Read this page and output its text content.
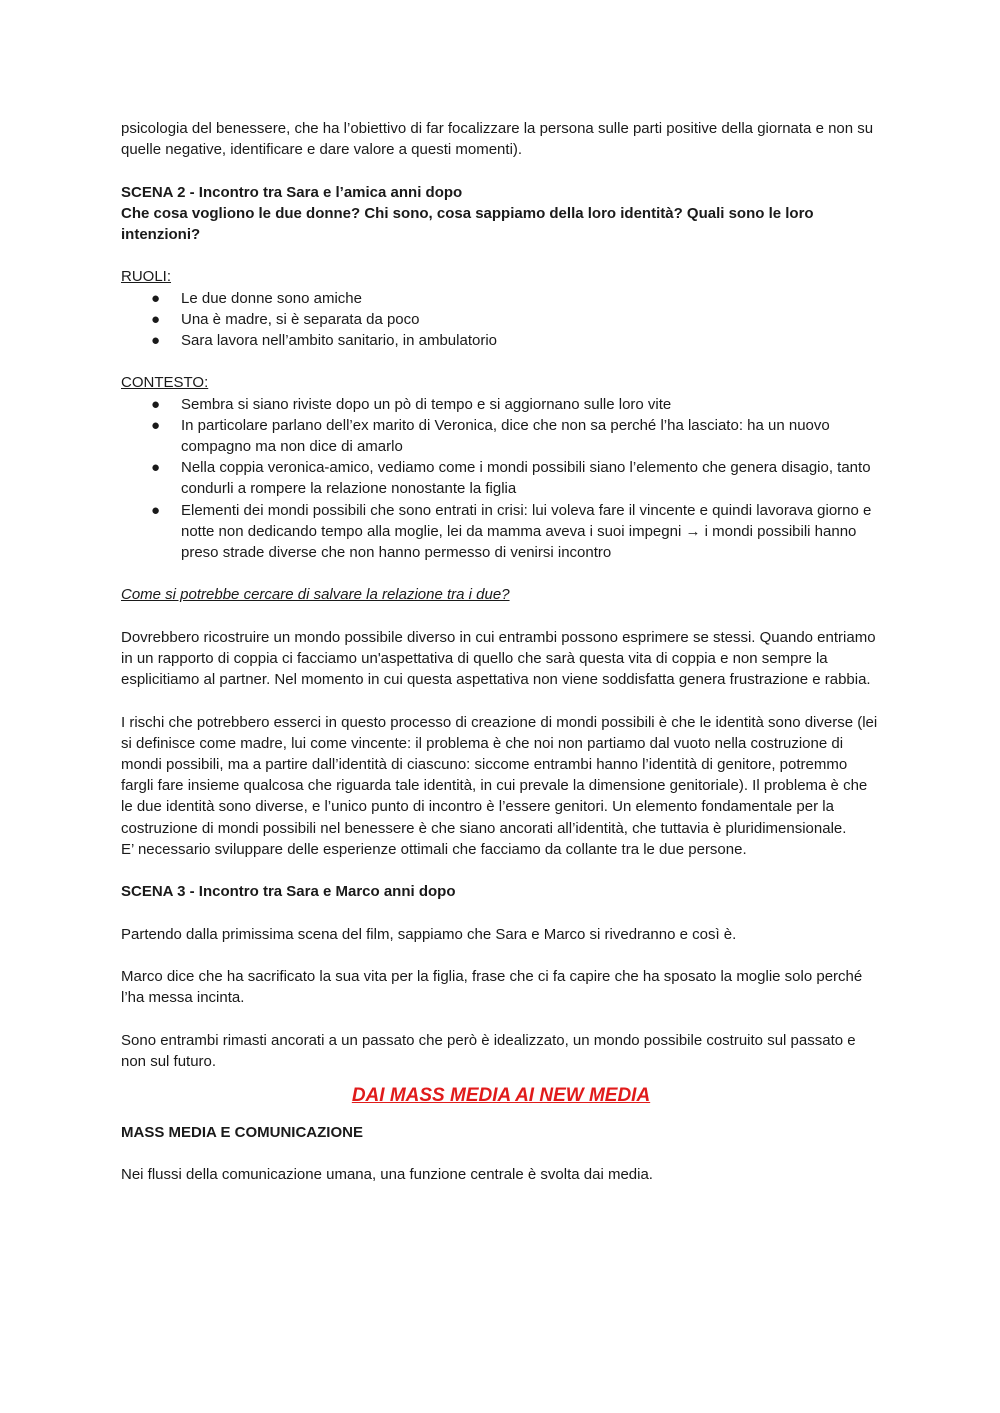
psicologia del benessere, che ha l’obiettivo di far focalizzare la persona sulle parti positive della giornata e non su quelle negative, identificare e dare valore a questi momenti).

SCENA 2 - Incontro tra Sara e l’amica anni dopo

Che cosa vogliono le due donne? Chi sono, cosa sappiamo della loro identità? Quali sono le loro intenzioni?

RUOLI:

● Le due donne sono amiche
● Una è madre, si è separata da poco
● Sara lavora nell’ambito sanitario, in ambulatorio

CONTESTO:

● Sembra si siano riviste dopo un pò di tempo e si aggiornano sulle loro vite
● In particolare parlano dell’ex marito di Veronica, dice che non sa perché l’ha lasciato: ha un nuovo compagno ma non dice di amarlo
● Nella coppia veronica-amico, vediamo come i mondi possibili siano l’elemento che genera disagio, tanto condurli a rompere la relazione nonostante la figlia
● Elementi dei mondi possibili che sono entrati in crisi: lui voleva fare il vincente e quindi lavorava giorno e notte non dedicando tempo alla moglie, lei da mamma aveva i suoi impegni → i mondi possibili hanno preso strade diverse che non hanno permesso di venirsi incontro

Come si potrebbe cercare di salvare la relazione tra i due?

Dovrebbero ricostruire un mondo possibile diverso in cui entrambi possono esprimere se stessi. Quando entriamo in un rapporto di coppia ci facciamo un'aspettativa di quello che sarà questa vita di coppia e non sempre la esplicitiamo al partner. Nel momento in cui questa aspettativa non viene soddisfatta genera frustrazione e rabbia.

I rischi che potrebbero esserci in questo processo di creazione di mondi possibili è che le identità sono diverse (lei si definisce come madre, lui come vincente: il problema è che noi non partiamo dal vuoto nella costruzione di mondi possibili, ma a partire dall’identità di ciascuno: siccome entrambi hanno l’identità di genitore, potremmo fargli fare insieme qualcosa che riguarda tale identità, in cui prevale la dimensione genitoriale). Il problema è che le due identità sono diverse, e l’unico punto di incontro è l’essere genitori. Un elemento fondamentale per la costruzione di mondi possibili nel benessere è che siano ancorati all’identità, che tuttavia è pluridimensionale.

E’ necessario sviluppare delle esperienze ottimali che facciamo da collante tra le due persone.

SCENA 3 - Incontro tra Sara e Marco anni dopo

Partendo dalla primissima scena del film, sappiamo che Sara e Marco si rivedranno e così è.

Marco dice che ha sacrificato la sua vita per la figlia, frase che ci fa capire che ha sposato la moglie solo perché l’ha messa incinta.

Sono entrambi rimasti ancorati a un passato che però è idealizzato, un mondo possibile costruito sul passato e non sul futuro.

DAI MASS MEDIA AI NEW MEDIA

MASS MEDIA E COMUNICAZIONE

Nei flussi della comunicazione umana, una funzione centrale è svolta dai media.
